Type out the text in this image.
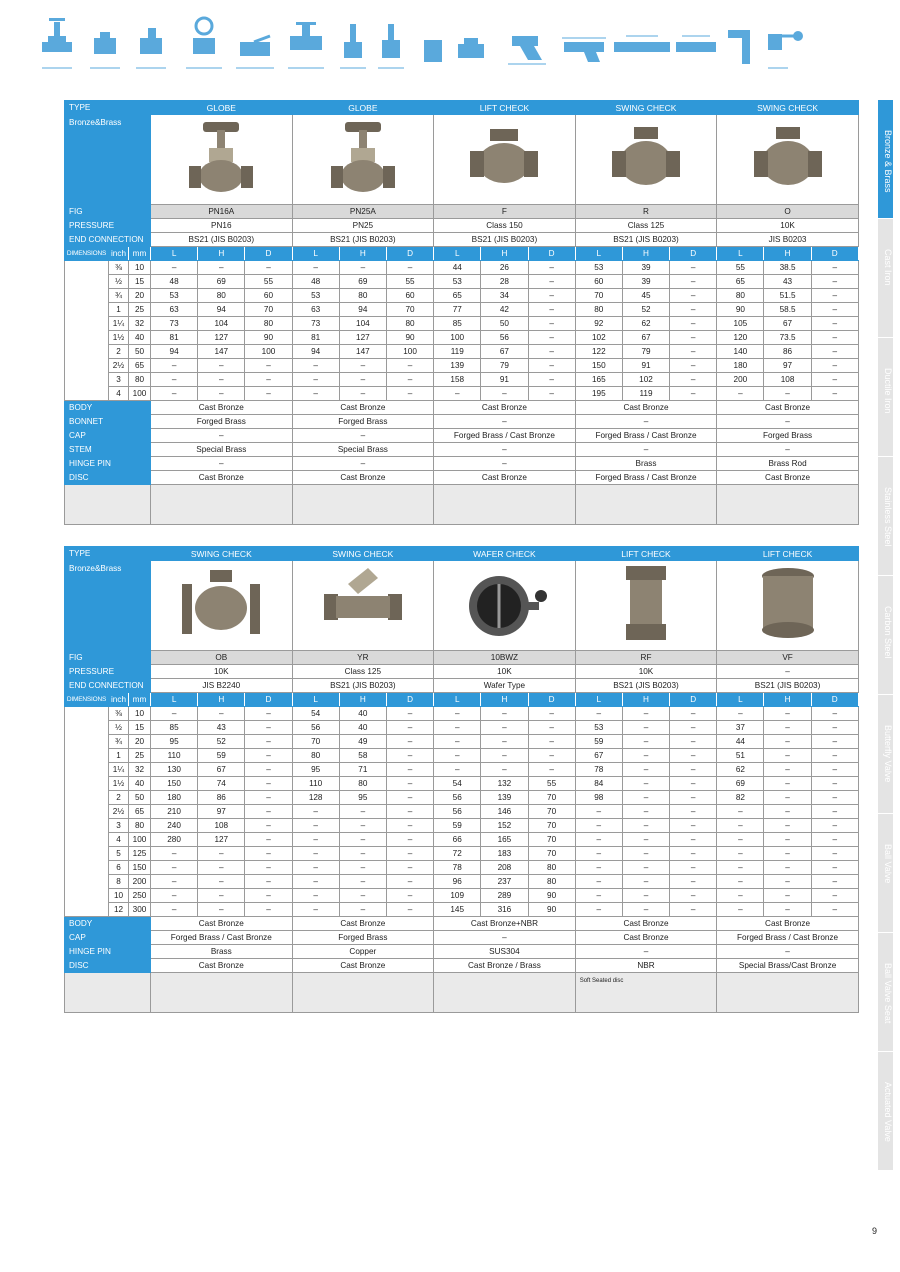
Bronze & Brass
Cast Iron
Ductile Iron
Stainless Steel
Carbon Steel
Butterfly Valve
Ball Valve
Ball Valve Seat
Actuated Valve
TYPE			GLOBE			GLOBE			LIFT CHECK			SWING CHECK			SWING CHECK		
Bronze&Brass					
FIG			PN16A			PN25A			F			R			O		
PRESSURE			PN16			PN25			Class 150			Class 125			10K		
END CONNECTION			BS21 (JIS B0203)			BS21 (JIS B0203)			BS21 (JIS B0203)			BS21 (JIS B0203)			JIS B0203		
DIMENSIONS	inch	mm	L	H	D	L	H	D	L	H	D	L	H	D	L	H	D
	⅜	10	–	–	–	–	–	–	44	26	–	53	39	–	55	38.5	–
	½	15	48	69	55	48	69	55	53	28	–	60	39	–	65	43	–
	¾	20	53	80	60	53	80	60	65	34	–	70	45	–	80	51.5	–
	1	25	63	94	70	63	94	70	77	42	–	80	52	–	90	58.5	–
	1¼	32	73	104	80	73	104	80	85	50	–	92	62	–	105	67	–
	1½	40	81	127	90	81	127	90	100	56	–	102	67	–	120	73.5	–
	2	50	94	147	100	94	147	100	119	67	–	122	79	–	140	86	–
	2½	65	–	–	–	–	–	–	139	79	–	150	91	–	180	97	–
	3	80	–	–	–	–	–	–	158	91	–	165	102	–	200	108	–
	4	100	–	–	–	–	–	–	–	–	–	195	119	–	–	–	–
BODY			Cast Bronze			Cast Bronze			Cast Bronze			Cast Bronze			Cast Bronze		
BONNET			Forged Brass			Forged Brass			–			–			–		
CAP			–			–			Forged Brass / Cast Bronze			Forged Brass / Cast Bronze			Forged Brass		
STEM			Special Brass			Special Brass			–			–			–		
HINGE PIN			–			–			–			Brass			Brass Rod		
DISC			Cast Bronze			Cast Bronze			Cast Bronze			Forged Brass / Cast Bronze			Cast Bronze		

TYPE			SWING CHECK			SWING CHECK			WAFER CHECK			LIFT CHECK			LIFT CHECK		
Bronze&Brass					
FIG			OB			YR			10BWZ			RF			VF		
PRESSURE			10K			Class 125			10K			10K			–		
END CONNECTION			JIS B2240			BS21 (JIS B0203)			Wafer Type			BS21 (JIS B0203)			BS21 (JIS B0203)		
DIMENSIONS	inch	mm	L	H	D	L	H	D	L	H	D	L	H	D	L	H	D
	⅜	10	–	–	–	54	40	–	–	–	–	–	–	–	–	–	–
	½	15	85	43	–	56	40	–	–	–	–	53	–	–	37	–	–
	¾	20	95	52	–	70	49	–	–	–	–	59	–	–	44	–	–
	1	25	110	59	–	80	58	–	–	–	–	67	–	–	51	–	–
	1¼	32	130	67	–	95	71	–	–	–	–	78	–	–	62	–	–
	1½	40	150	74	–	110	80	–	54	132	55	84	–	–	69	–	–
	2	50	180	86	–	128	95	–	56	139	70	98	–	–	82	–	–
	2½	65	210	97	–	–	–	–	56	146	70	–	–	–	–	–	–
	3	80	240	108	–	–	–	–	59	152	70	–	–	–	–	–	–
	4	100	280	127	–	–	–	–	66	165	70	–	–	–	–	–	–
	5	125	–	–	–	–	–	–	72	183	70	–	–	–	–	–	–
	6	150	–	–	–	–	–	–	78	208	80	–	–	–	–	–	–
	8	200	–	–	–	–	–	–	96	237	80	–	–	–	–	–	–
	10	250	–	–	–	–	–	–	109	289	90	–	–	–	–	–	–
	12	300	–	–	–	–	–	–	145	316	90	–	–	–	–	–	–
BODY			Cast Bronze			Cast Bronze			Cast Bronze+NBR			Cast Bronze			Cast Bronze		
CAP			Forged Brass / Cast Bronze			Forged Brass			–			Cast Bronze			Forged Brass / Cast Bronze		
HINGE PIN			Brass			Copper			SUS304			–			–		
DISC			Cast Bronze			Cast Bronze			Cast Bronze / Brass			NBR			Special Brass/Cast Bronze		
												Soft Seated disc					
9
